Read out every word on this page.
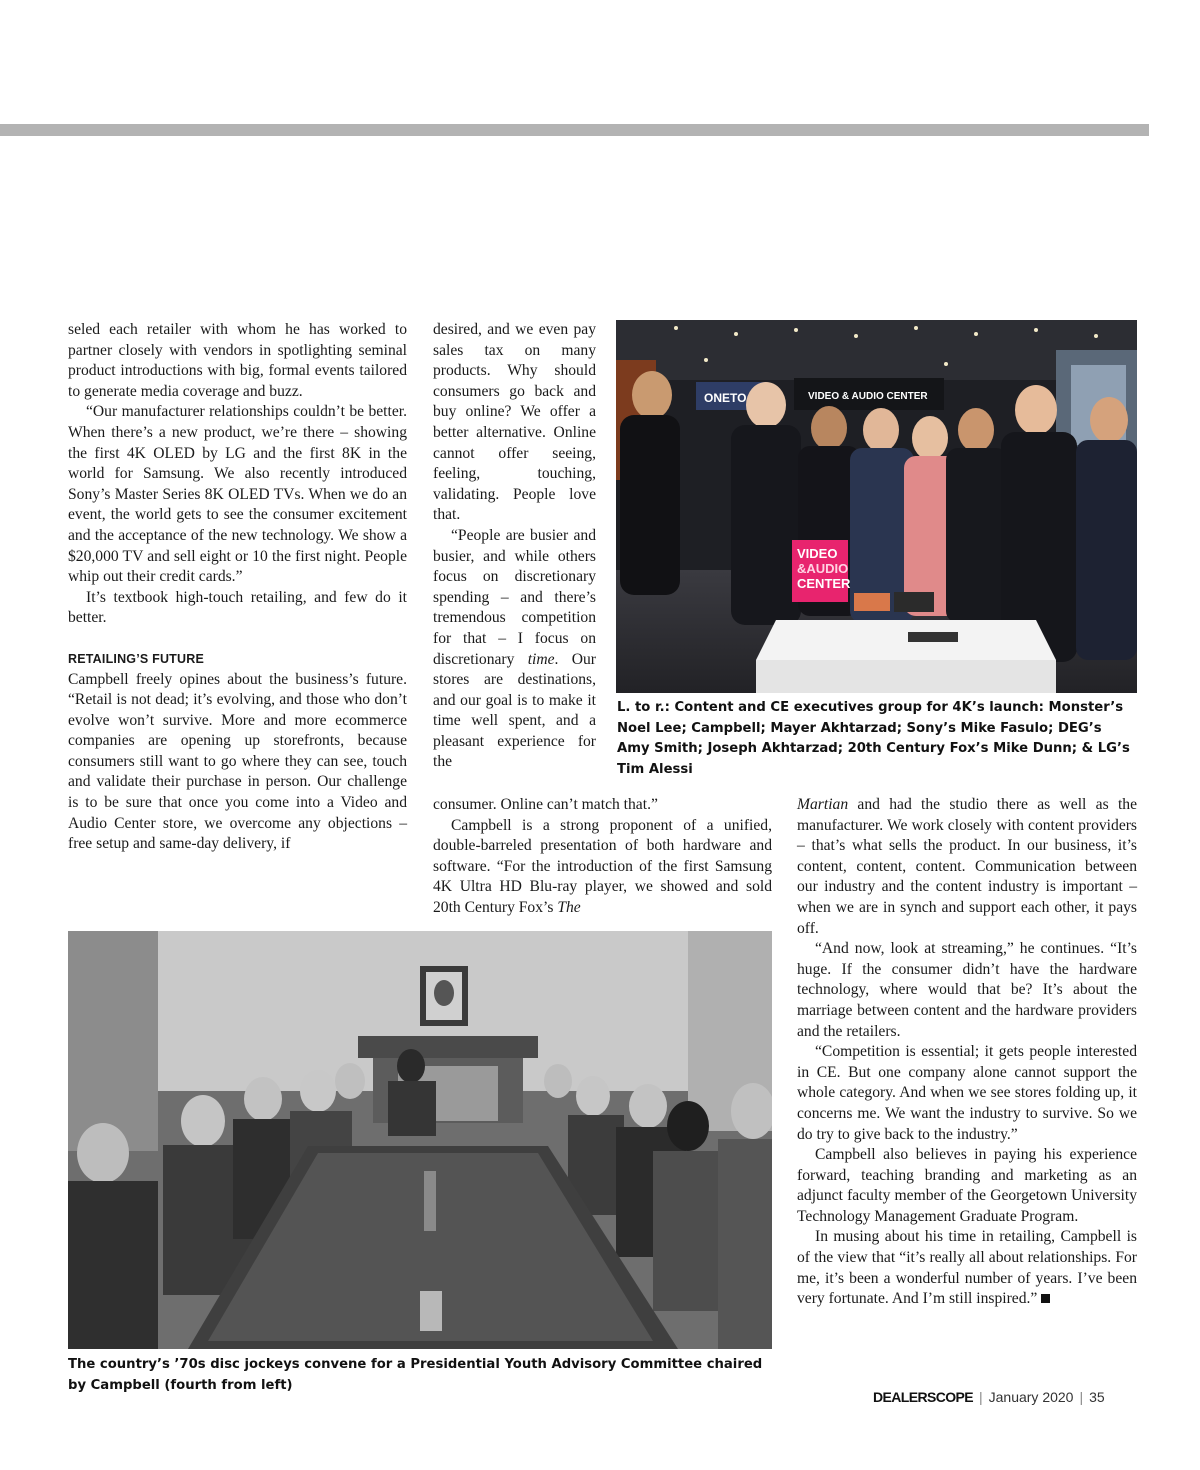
seled each retailer with whom he has worked to partner closely with vendors in spotlighting seminal product introductions with big, formal events tailored to generate media coverage and buzz.

“Our manufacturer relationships couldn’t be better. When there’s a new product, we’re there – showing the first 4K OLED by LG and the first 8K in the world for Samsung. We also recently introduced Sony’s Master Series 8K OLED TVs. When we do an event, the world gets to see the consumer excitement and the acceptance of the new technology. We show a $20,000 TV and sell eight or 10 the first night. People whip out their credit cards.”

It’s textbook high-touch retailing, and few do it better.

RETAILING’S FUTURE

Campbell freely opines about the business’s future. “Retail is not dead; it’s evolving, and those who don’t evolve won’t survive. More and more ecommerce companies are opening up storefronts, because consumers still want to go where they can see, touch and validate their purchase in person. Our challenge is to be sure that once you come into a Video and Audio Center store, we overcome any objections – free setup and same-day delivery, if

desired, and we even pay sales tax on many products. Why should consumers go back and buy online? We offer a better alternative. Online cannot offer seeing, feeling, touching, validating. People love that.

“People are busier and busier, and while others focus on discretionary spending – and there’s tremendous competition for that – I focus on discretionary time. Our stores are destinations, and our goal is to make it time well spent, and a pleasant experience for the

consumer. Online can’t match that.”

Campbell is a strong proponent of a unified, double-barreled presentation of both hardware and software. “For the introduction of the first Samsung 4K Ultra HD Blu-ray player, we showed and sold 20th Century Fox’s The

Martian and had the studio there as well as the manufacturer. We work closely with content providers – that’s what sells the product. In our business, it’s content, content, content. Communication between our industry and the content industry is important – when we are in synch and support each other, it pays off.

“And now, look at streaming,” he continues. “It’s huge. If the consumer didn’t have the hardware technology, where would that be? It’s about the marriage between content and the hardware providers and the retailers.

“Competition is essential; it gets people interested in CE. But one company alone cannot support the whole category. And when we see stores folding up, it concerns me. We want the industry to survive. So we do try to give back to the industry.”

Campbell also believes in paying his experience forward, teaching branding and marketing as an adjunct faculty member of the Georgetown University Technology Management Graduate Program.

In musing about his time in retailing, Campbell is of the view that “it’s really all about relationships. For me, it’s been a wonderful number of years. I’ve been very fortunate. And I’m still inspired.”

VIDEO & AUDIO CENTER
ONETO
VIDEO
&AUDIO
CENTER
L. to r.: Content and CE executives group for 4K’s launch: Monster’s Noel Lee; Campbell; Mayer Akhtarzad; Sony’s Mike Fasulo; DEG’s Amy Smith; Joseph Akhtarzad; 20th Century Fox’s Mike Dunn; & LG’s Tim Alessi
The country’s ’70s disc jockeys convene for a Presidential Youth Advisory Committee chaired by Campbell (fourth from left)
DEALERSCOPE | January 2020 | 35
